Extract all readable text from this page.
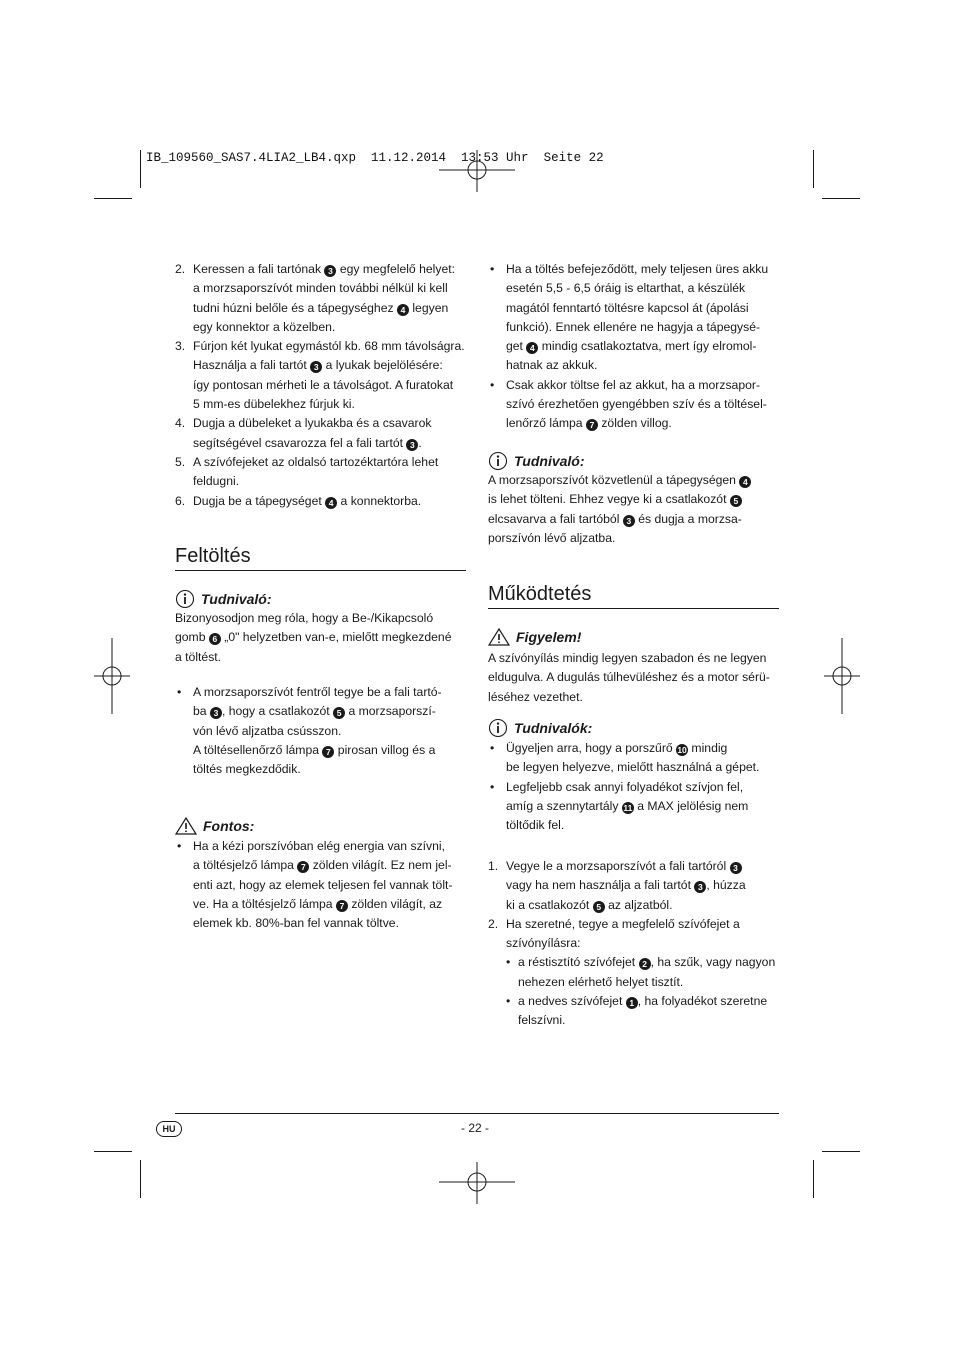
IB_109560_SAS7.4LIA2_LB4.qxp  11.12.2014  13:53 Uhr  Seite 22
2. Keressen a fali tartónak 3 egy megfelelő helyet:
a morzsaporszívót minden további nélkül ki kell
tudni húzni belőle és a tápegységhez 4 legyen
egy konnektor a közelben.
3. Fúrjon két lyukat egymástól kb. 68 mm távolságra.
Használja a fali tartót 3 a lyukak bejelölésére:
így pontosan mérheti le a távolságot. A furatokat
5 mm-es dübelekhez fúrjuk ki.
4. Dugja a dübeleket a lyukakba és a csavarok
segítségével csavarozza fel a fali tartót 3 .
5. A szívófejeket az oldalsó tartozéktartóra lehet
feldugni.
6. Dugja be a tápegységet 4 a konnektorba.
Feltöltés
Tudnivaló:
Bizonyosodjon meg róla, hogy a Be-/Kikapcsoló
gomb 6 „0" helyzetben van-e, mielőtt megkezdené
a töltést.
• A morzsaporszívót fentről tegye be a fali tartó-
ba 3 , hogy a csatlakozót 5 a morzsaporszí-
vón lévő aljzatba csússzon.
A töltésellenőrző lámpa 7 pirosan villog és a
töltés megkezdődik.
Fontos:
• Ha a kézi porszívóban elég energia van szívni,
a töltésjelző lámpa 7 zölden világít. Ez nem jel-
enti azt, hogy az elemek teljesen fel vannak tölt-
ve. Ha a töltésjelző lámpa 7 zölden világít, az
elemek kb. 80%-ban fel vannak töltve.
• Ha a töltés befejeződött, mely teljesen üres akku
esetén 5,5 - 6,5 óráig is eltarthat, a készülék
magától fenntartó töltésre kapcsol át (ápolási
funkció). Ennek ellenére ne hagyja a tápegysé-
get 4 mindig csatlakoztatva, mert így elromol-
hatnak az akkuk.
• Csak akkor töltse fel az akkut, ha a morzsapor-
szívó érezhetően gyengébben szív és a töltésel-
lenőrző lámpa 7 zölden villog.
Tudnivaló:
A morzsaporszívót közvetlenül a tápegységen 4
is lehet tölteni. Ehhez vegye ki a csatlakozót 5
elcsavarva a fali tartóból 3 és dugja a morzsa-
porszívón lévő aljzatba.
Működtetés
Figyelem!
A szívónyílás mindig legyen szabadon és ne legyen
eldugulva. A dugulás túlhevüléshez és a motor sérü-
léséhez vezethet.
Tudnivalók:
• Ügyeljen arra, hogy a porszűrő 10 mindig
be legyen helyezve, mielőtt használná a gépet.
• Legfeljebb csak annyi folyadékot szívjon fel,
amíg a szennytartály 11 a MAX jelölésig nem
töltődik fel.
1. Vegye le a morzsaporszívót a fali tartóról 3
vagy ha nem használja a fali tartót 3 , húzza
ki a csatlakozót 5 az aljzatból.
2. Ha szeretné, tegye a megfelelő szívófejet a
szívónyílásra:
• a réstisztító szívófejet 2 , ha szűk, vagy nagyon
nehezen elérhető helyet tisztít.
• a nedves szívófejet 1 , ha folyadékot szeretne
felszívni.
HU	- 22 -
